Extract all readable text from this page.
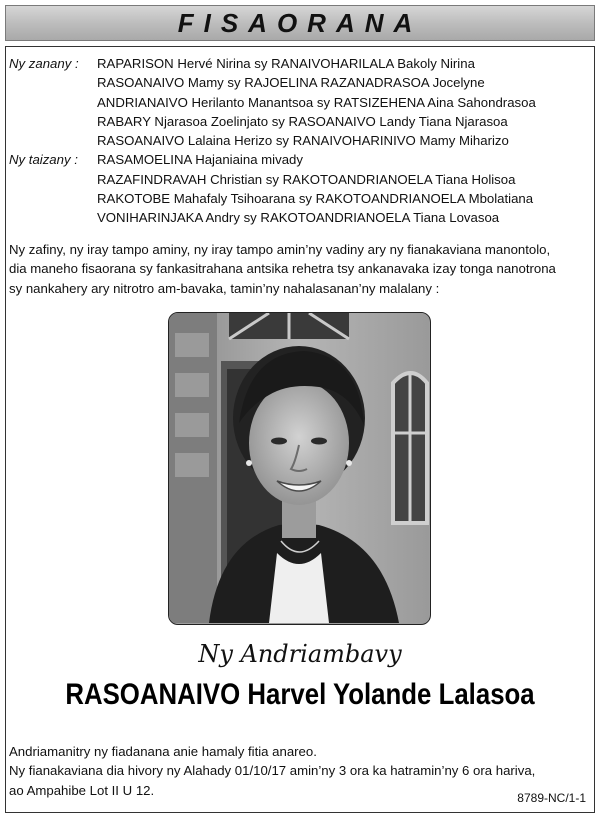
FISAORANA
Ny zanany :	RAPARISON Hervé Nirina sy RANAIVOHARILALA Bakoly Nirina
RASOANAIVO Mamy sy RAJOELINA RAZANADRASOA Jocelyne
ANDRIANAIVO Herilanto Manantsoa sy RATSIZEHENA Aina Sahondrasoa
RABARY Njarasoa Zoelinjato sy RASOANAIVO Landy Tiana Njarasoa
RASOANAIVO Lalaina Herizo sy RANAIVOHARINIVO Mamy Miharizo
Ny taizany :	RASAMOELINA Hajaniaina mivady
RAZAFINDRAVAH Christian sy RAKOTOANDRIANOELA Tiana Holisoa
RAKOTOBE Mahafaly Tsihoarana sy RAKOTOANDRIANOELA Mbolatiana
VONIHARINJAKA Andry sy RAKOTOANDRIANOELA Tiana Lovasoa
Ny zafiny, ny iray tampo aminy, ny iray tampo amin’ny vadiny ary ny fianakaviana manontolo,
dia maneho fisaorana sy fankasitrahana antsika rehetra tsy ankanavaka izay tonga nanotrona
sy nankahery ary nitrotro am-bavaka, tamin’ny nahalasanan’ny malalany :
Ny Andriambavy
RASOANAIVO Harvel Yolande Lalasoa
Andriamanitry ny fiadanana anie hamaly fitia anareo.
Ny fianakaviana dia hivory ny Alahady 01/10/17 amin’ny 3 ora ka hatramin’ny 6 ora hariva,
ao Ampahibe Lot II U 12.
8789-NC/1-1
